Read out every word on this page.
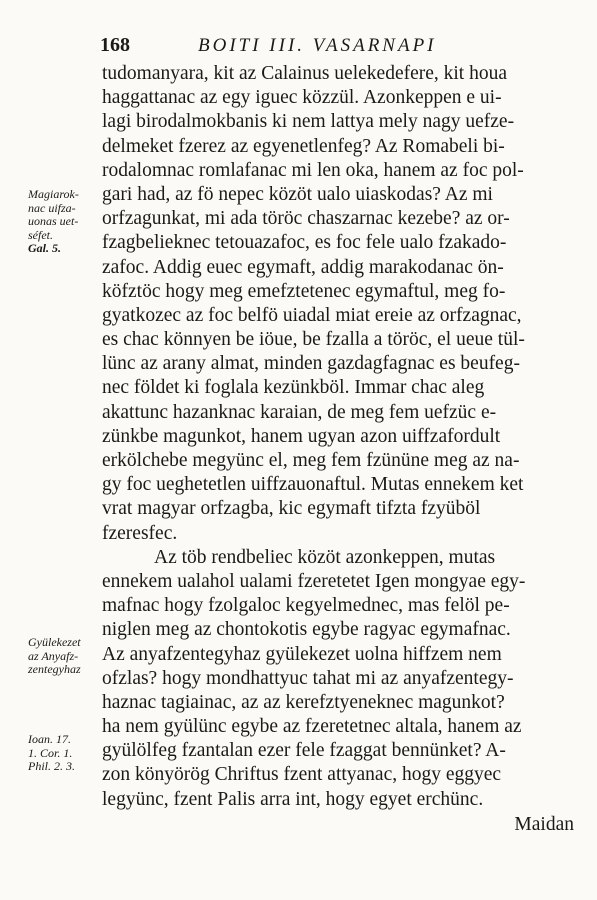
168	BOITI III. VASARNAPI
Magiarok-
nac uifza-
uonas uet-
séfet.
Gal. 5.
Gyülekezet
az Anyafz-
zentegyhaz
Ioan. 17.
1. Cor. 1.
Phil. 2. 3.
tudomanyara, kit az Calainus uelekedefere, kit houa
haggattanac az egy iguec közzül. Azonkeppen e ui-
lagi birodalmokbanis ki nem lattya mely nagy uefze-
delmeket fzerez az egyenetlenfeg? Az Romabeli bi-
rodalomnac romlafanac mi len oka, hanem az foc pol-
gari had, az fö nepec közöt ualo uiaskodas? Az mi
orfzagunkat, mi ada töröc chaszarnac kezebe? az or-
fzagbelieknec tetouazafoc, es foc fele ualo fzakado-
zafoc. Addig euec egymaft, addig marakodanac ön-
köfztöc hogy meg emefztetenec egymaftul, meg fo-
gyatkozec az foc belfö uiadal miat ereie az orfzagnac,
es chac könnyen be iöue, be fzalla a töröc, el ueue tül-
lünc az arany almat, minden gazdagfagnac es beufeg-
nec földet ki foglala kezünkböl. Immar chac aleg
akattunc hazanknac karaian, de meg fem uefzüc e-
zünkbe magunkot, hanem ugyan azon uiffzafordult
erkölchebe megyünc el, meg fem fzününe meg az na-
gy foc ueghetetlen uiffzauonaftul. Mutas ennekem ket
vrat magyar orfzagba, kic egymaft tifzta fzyüböl
fzeresfec.
Az töb rendbeliec közöt azonkeppen, mutas
ennekem ualahol ualami fzeretetet Igen mongyae egy-
mafnac hogy fzolgaloc kegyelmednec, mas felöl pe-
niglen meg az chontokotis egybe ragyac egymafnac.
Az anyafzentegyhaz gyülekezet uolna hiffzem nem
ofzlas? hogy mondhattyuc tahat mi az anyafzentegy-
haznac tagiainac, az az kerefztyeneknec magunkot?
ha nem gyülünc egybe az fzeretetnec altala, hanem az
gyülölfeg fzantalan ezer fele fzaggat bennünket? A-
zon könyörög Chriftus fzent attyanac, hogy eggyec
legyünc, fzent Palis arra int, hogy egyet erchünc.
Maidan
